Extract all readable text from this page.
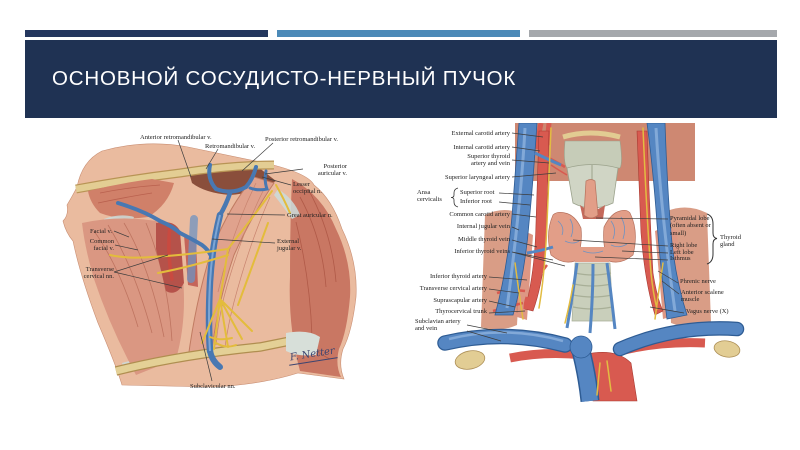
ОСНОВНОЙ СОСУДИСТО-НЕРВНЫЙ ПУЧОК
Anterior retromandibular v.
Retromandibular v.
Posterior retromandibular v.
Posterior auricular v.
Lesser occipital n.
Great auricular n.
Facial v.
Common facial v.
External jugular v.
Transverse cervical nn.
Subclavicular nn.
F. Netter
External carotid artery
Internal carotid artery
Superior thyroid artery and vein
Superior laryngeal artery
Ansa cervicalis
Superior root
Inferior root
Common carotid artery
Internal jugular vein
Middle thyroid vein
Inferior thyroid veins
Inferior thyroid artery
Transverse cervical artery
Suprascapular artery
Thyrocervical trunk
Subclavian artery and vein
Pyramidal lobe (often absent or small)
Right lobe
Left lobe
Isthmus
Thyroid gland
Phrenic nerve
Anterior scalene muscle
Vagus nerve (X)
